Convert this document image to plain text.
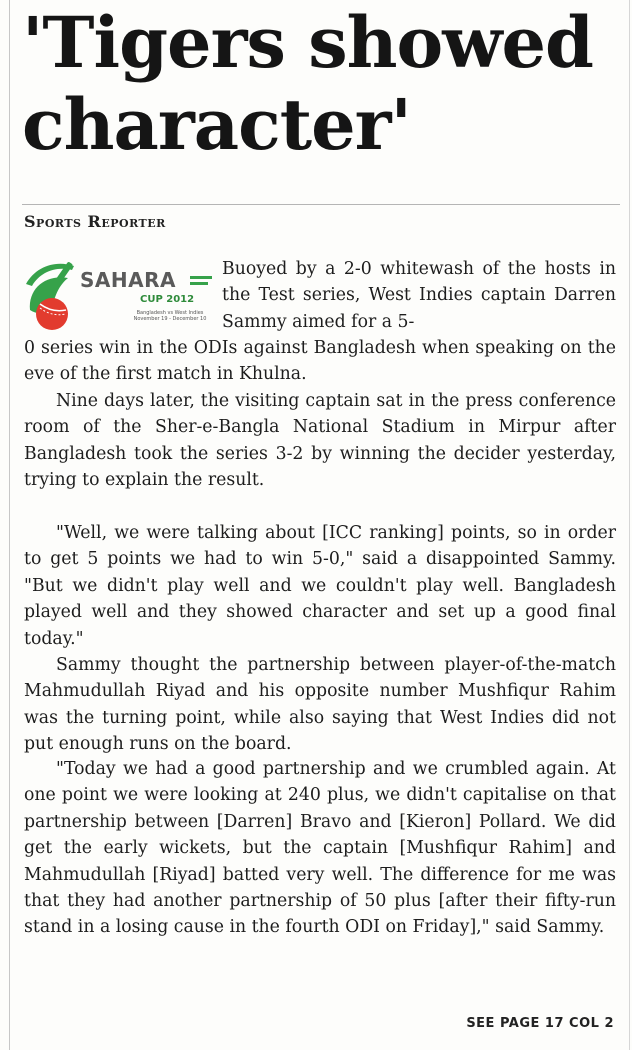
'Tigers showed
character'
Sports Reporter
SAHARA
CUP 2012
Bangladesh vs West Indies November 19 - December 10

Buoyed by a 2-0 whitewash of the hosts in the Test series, West Indies captain Darren Sammy aimed for a 5-

0 series win in the ODIs against Bangladesh when speaking on the eve of the first match in Khulna.

Nine days later, the visiting captain sat in the press conference room of the Sher-e-Bangla National Stadium in Mirpur after Bangladesh took the series 3-2 by winning the decider yesterday, trying to explain the result.

"Well, we were talking about [ICC ranking] points, so in order to get 5 points we had to win 5-0," said a disappointed Sammy. "But we didn't play well and we couldn't play well. Bangladesh played well and they showed character and set up a good final today."

Sammy thought the partnership between player-of-the-match Mahmudullah Riyad and his opposite number Mushfiqur Rahim was the turning point, while also saying that West Indies did not put enough runs on the board.

"Today we had a good partnership and we crumbled again. At one point we were looking at 240 plus, we didn't capitalise on that partnership between [Darren] Bravo and [Kieron] Pollard. We did get the early wickets, but the captain [Mushfiqur Rahim] and Mahmudullah [Riyad] batted very well. The difference for me was that they had another partnership of 50 plus [after their fifty-run stand in a losing cause in the fourth ODI on Friday]," said Sammy.

SEE PAGE 17 COL 2
